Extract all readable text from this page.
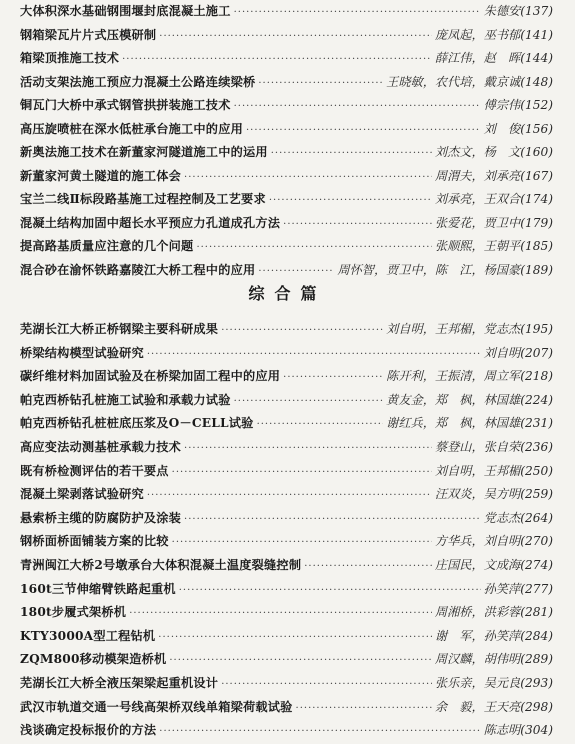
大体积深水基础钢围堰封底混凝土施工 ·····	朱德安 (137)
钢箱梁瓦片片式压模研制 ·····	庞凤起，巫书郁 (141)
箱梁顶推施工技术 ·····	薛江伟，赵　晖 (144)
活动支架法施工预应力混凝土公路连续梁桥 ·····	王晓敏，农代培，戴京诚 (148)
铜瓦门大桥中承式钢管拱拼装施工技术 ·····	傅宗伟 (152)
高压旋喷桩在深水低桩承台施工中的应用 ·····	刘　俊 (156)
新奥法施工技术在新董家河隧道施工中的运用 ·····	刘杰文，杨　文 (160)
新董家河黄土隧道的施工体会 ·····	周渭夫，刘承亮 (167)
宝兰二线Ⅱ标段路基施工过程控制及工艺要求 ·····	刘承亮，王双合 (174)
混凝土结构加固中超长水平预应力孔道成孔方法 ·····	张爱花，贾卫中 (179)
提高路基质量应注意的几个问题 ·····	张顺熙，王朝平 (185)
混合砂在渝怀铁路嘉陵江大桥工程中的应用 ·····	周怀智，贾卫中，陈　江，杨国豪 (189)
综合篇
芜湖长江大桥正桥钢梁主要科研成果 ·····	刘自明，王邦楣，党志杰 (195)
桥梁结构模型试验研究 ·····	刘自明 (207)
碳纤维材料加固试验及在桥梁加固工程中的应用 ·····	陈开利，王振清，周立军 (218)
帕克西桥钻孔桩施工试验和承载力试验 ·····	黄友金，郑　枫，林国雄 (224)
帕克西桥钻孔桩桩底压浆及O－CELL试验 ·····	谢红兵，郑　枫，林国雄 (231)
高应变法动测基桩承载力技术 ·····	蔡登山，张自荣 (236)
既有桥检测评估的若干要点 ·····	刘自明，王邦楣 (250)
混凝土梁剥落试验研究 ·····	汪双炎，吴方明 (259)
悬索桥主缆的防腐防护及涂装 ·····	党志杰 (264)
钢桥面桥面铺装方案的比较 ·····	方华兵，刘自明 (270)
青洲闽江大桥2号墩承台大体积混凝土温度裂缝控制 ·····	庄国民，文成海 (274)
160t三节伸缩臂铁路起重机 ·····	孙笑萍 (277)
180t步履式架桥机 ·····	周湘桥，洪彩蓉 (281)
KTY3000A型工程钻机 ·····	谢　军，孙笑萍 (284)
ZQM800移动模架造桥机 ·····	周汉麟，胡伟明 (289)
芜湖长江大桥全液压架梁起重机设计 ·····	张乐亲，吴元良 (293)
武汉市轨道交通一号线高架桥双线单箱梁荷载试验 ·····	余　毅，王天亮 (298)
浅谈确定投标报价的方法 ·····	陈志明 (304)
